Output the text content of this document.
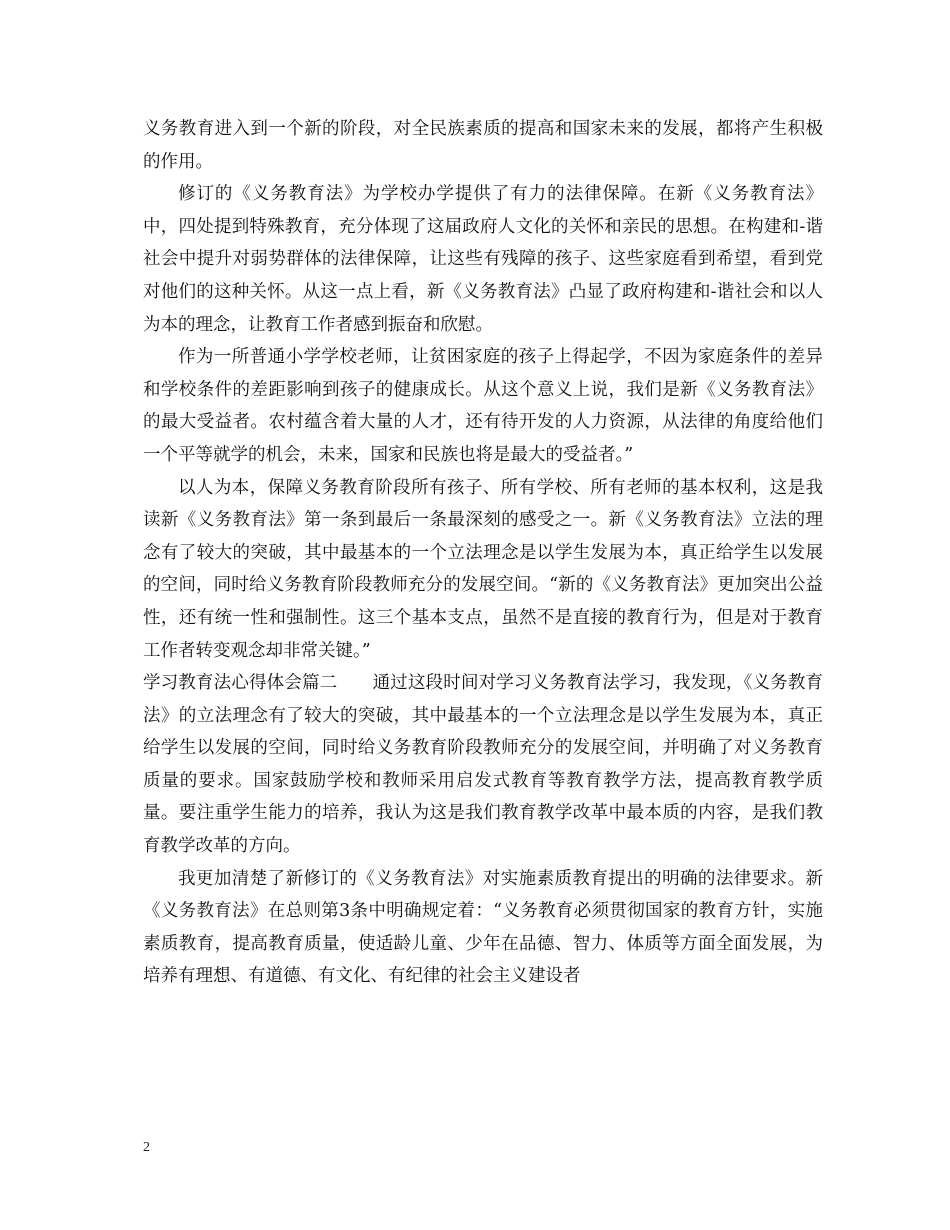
义务教育进入到一个新的阶段，对全民族素质的提高和国家未来的发展，都将产生积极的作用。

修订的《义务教育法》为学校办学提供了有力的法律保障。在新《义务教育法》中，四处提到特殊教育，充分体现了这届政府人文化的关怀和亲民的思想。在构建和-谐社会中提升对弱势群体的法律保障，让这些有残障的孩子、这些家庭看到希望，看到党对他们的这种关怀。从这一点上看，新《义务教育法》凸显了政府构建和-谐社会和以人为本的理念，让教育工作者感到振奋和欣慰。

作为一所普通小学学校老师，让贫困家庭的孩子上得起学，不因为家庭条件的差异和学校条件的差距影响到孩子的健康成长。从这个意义上说，我们是新《义务教育法》的最大受益者。农村蕴含着大量的人才，还有待开发的人力资源，从法律的角度给他们一个平等就学的机会，未来，国家和民族也将是最大的受益者。”

以人为本，保障义务教育阶段所有孩子、所有学校、所有老师的基本权利，这是我读新《义务教育法》第一条到最后一条最深刻的感受之一。新《义务教育法》立法的理念有了较大的突破，其中最基本的一个立法理念是以学生发展为本，真正给学生以发展的空间，同时给义务教育阶段教师充分的发展空间。“新的《义务教育法》更加突出公益性，还有统一性和强制性。这三个基本支点，虽然不是直接的教育行为，但是对于教育工作者转变观念却非常关键。”

学习教育法心得体会篇二　　通过这段时间对学习义务教育法学习，我发现，《义务教育法》的立法理念有了较大的突破，其中最基本的一个立法理念是以学生发展为本，真正给学生以发展的空间，同时给义务教育阶段教师充分的发展空间，并明确了对义务教育质量的要求。国家鼓励学校和教师采用启发式教育等教育教学方法，提高教育教学质量。要注重学生能力的培养，我认为这是我们教育教学改革中最本质的内容，是我们教育教学改革的方向。

我更加清楚了新修订的《义务教育法》对实施素质教育提出的明确的法律要求。新《义务教育法》在总则第3条中明确规定着：“义务教育必须贯彻国家的教育方针，实施素质教育，提高教育质量，使适龄儿童、少年在品德、智力、体质等方面全面发展，为培养有理想、有道德、有文化、有纪律的社会主义建设者

2
